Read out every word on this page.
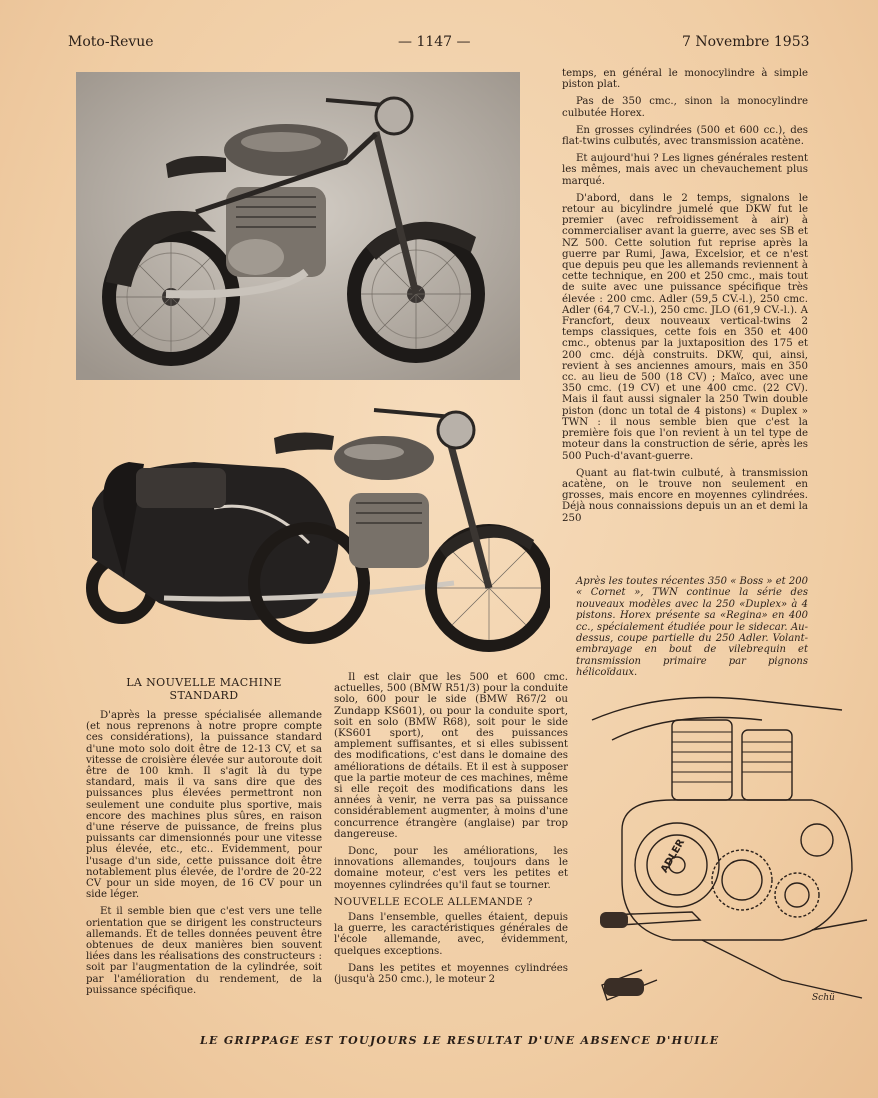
Moto-Revue	— 1147 —	7 Novembre 1953

temps, en général le monocylindre à simple piston plat.

Pas de 350 cmc., sinon la monocylindre culbutée Horex.

En grosses cylindrées (500 et 600 cc.), des flat-twins culbutés, avec transmission acatène.

Et aujourd'hui ? Les lignes générales restent les mêmes, mais avec un chevauchement plus marqué.

D'abord, dans le 2 temps, signalons le retour au bicylindre jumelé que DKW fut le premier (avec refroidissement à air) à commercialiser avant la guerre, avec ses SB et NZ 500. Cette solution fut reprise après la guerre par Rumi, Jawa, Excelsior, et ce n'est que depuis peu que les allemands reviennent à cette technique, en 200 et 250 cmc., mais tout de suite avec une puissance spécifique très élevée : 200 cmc. Adler (59,5 CV.-l.), 250 cmc. Adler (64,7 CV.-l.), 250 cmc. JLO (61,9 CV.-l.). A Francfort, deux nouveaux vertical-twins 2 temps classiques, cette fois en 350 et 400 cmc., obtenus par la juxtaposition des 175 et 200 cmc. déjà construits. DKW, qui, ainsi, revient à ses anciennes amours, mais en 350 cc. au lieu de 500 (18 CV) ; Maïco, avec une 350 cmc. (19 CV) et une 400 cmc. (22 CV). Mais il faut aussi signaler la 250 Twin double piston (donc un total de 4 pistons) « Duplex » TWN : il nous semble bien que c'est la première fois que l'on revient à un tel type de moteur dans la construction de série, après les 500 Puch-d'avant-guerre.

Quant au flat-twin culbuté, à transmission acatène, on le trouve non seulement en grosses, mais encore en moyennes cylindrées. Déjà nous connaissions depuis un an et demi la 250

Après les toutes récentes 350 « Boss » et 200 « Cornet », TWN continue la série des nouveaux modèles avec la 250 «Duplex» à 4 pistons. Horex présente sa «Regina» en 400 cc., spécialement étudiée pour le sidecar. Au-dessus, coupe partielle du 250 Adler. Volant-embrayage en bout de vilebrequin et transmission primaire par pignons hélicoïdaux.
LA NOUVELLE MACHINE
STANDARD

D'après la presse spécialisée allemande (et nous reprenons à notre propre compte ces considérations), la puissance standard d'une moto solo doit être de 12-13 CV, et sa vitesse de croisière élevée sur autoroute doit être de 100 kmh. Il s'agit là du type standard, mais il va sans dire que des puissances plus élevées permettront non seulement une conduite plus sportive, mais encore des machines plus sûres, en raison d'une réserve de puissance, de freins plus puissants car dimensionnés pour une vitesse plus élevée, etc., etc.. Evidemment, pour l'usage d'un side, cette puissance doit être notablement plus élevée, de l'ordre de 20-22 CV pour un side moyen, de 16 CV pour un side léger.

Et il semble bien que c'est vers une telle orientation que se dirigent les constructeurs allemands. Et de telles données peuvent être obtenues de deux manières bien souvent liées dans les réalisations des constructeurs : soit par l'augmentation de la cylindrée, soit par l'amélioration du rendement, de la puissance spécifique.

Il est clair que les 500 et 600 cmc. actuelles, 500 (BMW R51/3) pour la conduite solo, 600 pour le side (BMW R67/2 ou Zundapp KS601), ou pour la conduite sport, soit en solo (BMW R68), soit pour le side (KS601 sport), ont des puissances amplement suffisantes, et si elles subissent des modifications, c'est dans le domaine des améliorations de détails. Et il est à supposer que la partie moteur de ces machines, même si elle reçoit des modifications dans les années à venir, ne verra pas sa puissance considérablement augmenter, à moins d'une concurrence étrangère (anglaise) par trop dangereuse.

Donc, pour les améliorations, les innovations allemandes, toujours dans le domaine moteur, c'est vers les petites et moyennes cylindrées qu'il faut se tourner.

NOUVELLE ECOLE ALLEMANDE ?

Dans l'ensemble, quelles étaient, depuis la guerre, les caractéristiques générales de l'école allemande, avec, évidemment, quelques exceptions.

Dans les petites et moyennes cylindrées (jusqu'à 250 cmc.), le moteur 2

ADLER
Schü
LE GRIPPAGE EST TOUJOURS LE RESULTAT D'UNE ABSENCE D'HUILE
